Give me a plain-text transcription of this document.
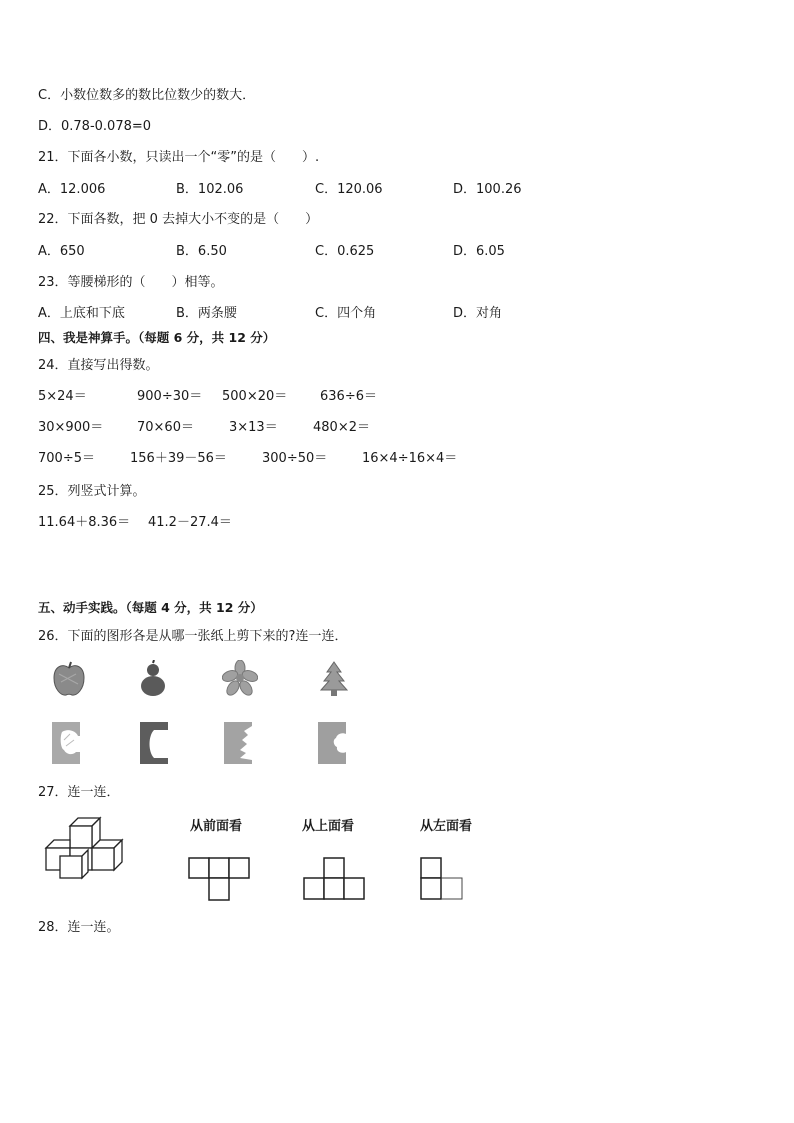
C．小数位数多的数比位数少的数大．
D．0.78-0.078=0
21．下面各小数，只读出一个“零”的是（　　）.
A．12.006	B．102.06	C．120.06	D．100.26
22．下面各数，把 0 去掉大小不变的是（　　）
A．650	B．6.50	C．0.625	D．6.05
23．等腰梯形的（　　）相等。
A．上底和下底	B．两条腰	C．四个角	D．对角
四、我是神算手。（每题 6 分，共 12 分）
24．直接写出得数。
5×24＝	900÷30＝ 500×20＝	636÷6＝
30×900＝	70×60＝	3×13＝	480×2＝
700÷5＝	156＋39－56＝	300÷50＝	16×4÷16×4＝
25．列竖式计算。
11.64＋8.36＝ 41.2－27.4＝
五、动手实践。（每题 4 分，共 12 分）
26．下面的图形各是从哪一张纸上剪下来的?连一连．
27．连一连．
从前面看	从上面看	从左面看
28．连一连。
